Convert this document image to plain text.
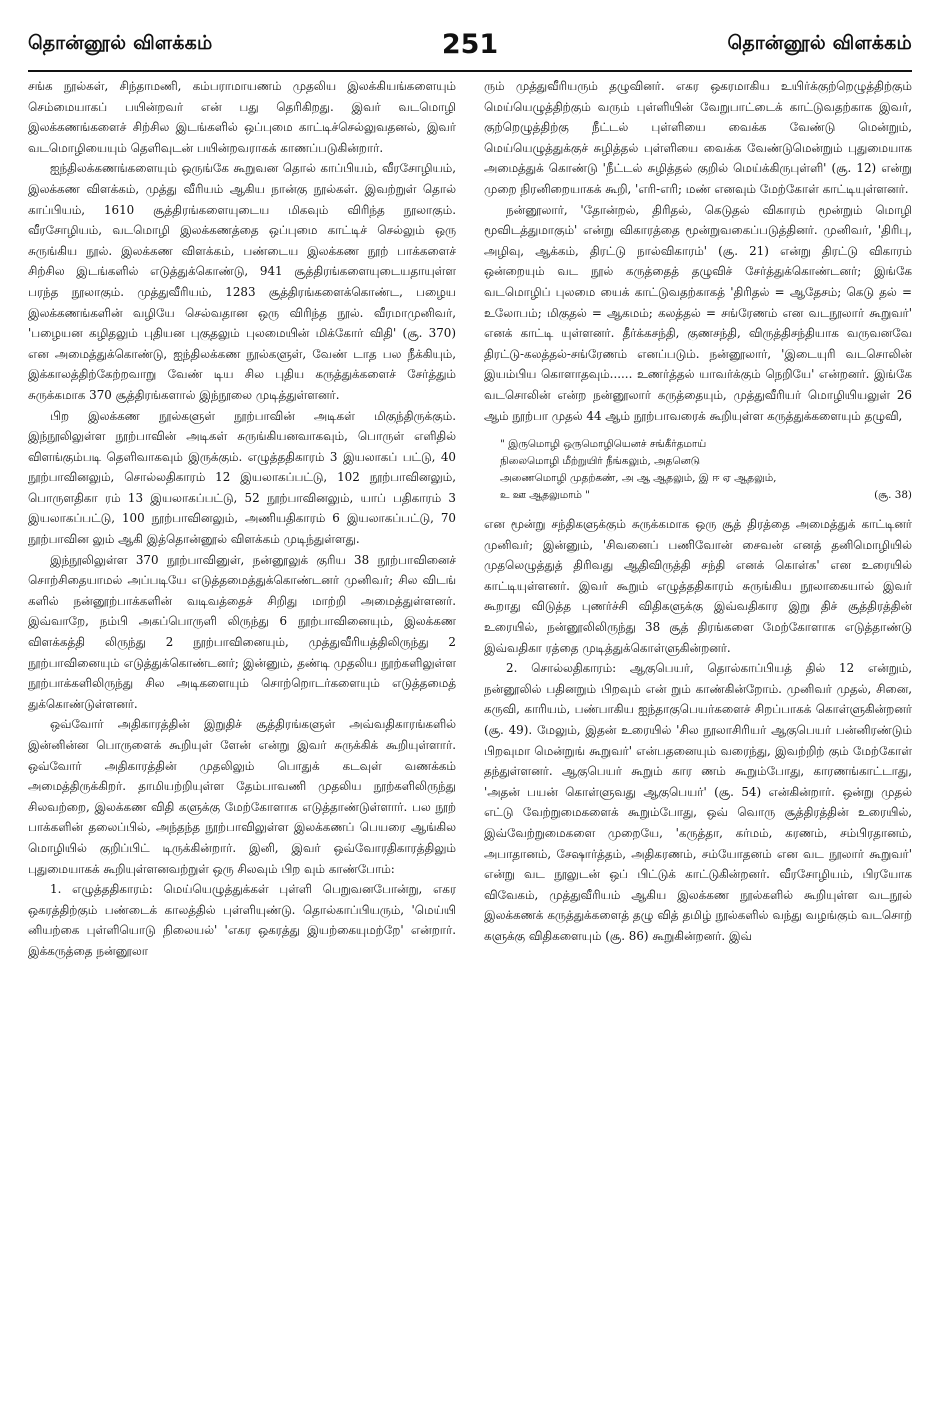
தொன்னூல் விளக்கம்	251	தொன்னூல் விளக்கம்

சங்க நூல்கள், சிந்தாமணி, கம்பராமாயணம் முதலிய இலக்கியங்களையும் செம்மையாகப் பயின்றவர் என் பது தெரிகிறது. இவர் வடமொழி இலக்கணங்களைச் சிற்சில இடங்களில் ஒப்புமை காட்டிச்செல்லுவதனல், இவர் வடமொழியையும் தெளிவுடன் பயின்றவராகக் காணப்படுகின்றார்.

ஐந்திலக்கணங்களையும் ஒருங்கே கூறுவன தொல் காப்பியம், வீரசோழியம், இலக்கண விளக்கம், முத்து வீரியம் ஆகிய நான்கு நூல்கள். இவற்றுள் தொல் காப்பியம், 1610 சூத்திரங்களையுடைய மிகவும் விரிந்த நூலாகும். வீரசோழியம், வடமொழி இலக்கணத்தை ஒப்புமை காட்டிச் செல்லும் ஒரு சுருங்கிய நூல். இலக்கண விளக்கம், பண்டைய இலக்கண நூற் பாக்களைச் சிற்சில இடங்களில் எடுத்துக்கொண்டு, 941 சூத்திரங்களையுடையதாயுள்ள பரந்த நூலாகும். முத்துவீரியம், 1283 சூத்திரங்களைக்கொண்ட, பழைய இலக்கணங்களின் வழியே செல்வதான ஒரு விரிந்த நூல். வீரமாமுனிவர், 'பழையன கழிதலும் புதியன புகுதலும் புலமையின் மிக்கோர் விதி' (சூ. 370) என அமைத்துக்கொண்டு, ஐந்திலக்கண நூல்களுள், வேண் டாத பல நீக்கியும், இக்காலத்திற்கேற்றவாறு வேண் டிய சில புதிய கருத்துக்களைச் சேர்த்தும் சுருக்கமாக 370 சூத்திரங்களால் இந்நூலை முடித்துள்ளனர்.

பிற இலக்கண நூல்களுள் நூற்பாவின் அடிகள் மிகுந்திருக்கும். இந்நூலிலுள்ள நூற்பாவின் அடிகள் சுருங்கியனவாகவும், பொருள் எளிதில் விளங்கும்படி தெளிவாகவும் இருக்கும். எழுத்ததிகாரம் 3 இயலாகப் பட்டு, 40 நூற்பாவினலும், சொல்லதிகாரம் 12 இயலாகப்பட்டு, 102 நூற்பாவினலும், பொருளதிகா ரம் 13 இயலாகப்பட்டு, 52 நூற்பாவினலும், யாப் பதிகாரம் 3 இயலாகப்பட்டு, 100 நூற்பாவினலும், அணியதிகாரம் 6 இயலாகப்பட்டு, 70 நூற்பாவின லும் ஆகி இத்தொன்னூல் விளக்கம் முடிந்துள்ளது.

இந்நூலிலுள்ள 370 நூற்பாவினுள், நன்னூலுக் குரிய 38 நூற்பாவினைச் சொற்சிதையாமல் அப்படியே எடுத்தமைத்துக்கொண்டனர் முனிவர்; சில விடங் களில் நன்னூற்பாக்களின் வடிவத்தைச் சிறிது மாற்றி அமைத்துள்ளனர். இவ்வாறே, நம்பி அகப்பொருளி லிருந்து 6 நூற்பாவினையும், இலக்கண விளக்கத்தி லிருந்து 2 நூற்பாவினையும், முத்துவீரியத்திலிருந்து 2 நூற்பாவினையும் எடுத்துக்கொண்டனர்; இன்னும், தண்டி முதலிய நூற்களிலுள்ள நூற்பாக்களிலிருந்து சில அடிகளையும் சொற்றொடர்களையும் எடுத்தமைத் துக்கொண்டுள்ளனர்.

ஒவ்வோர் அதிகாரத்தின் இறுதிச் சூத்திரங்களுள் அவ்வதிகாரங்களில் இன்னின்ன பொருளைக் கூறியுள் ளேன் என்று இவர் சுருக்கிக் கூறியுள்ளார். ஒவ்வோர் அதிகாரத்தின் முதலிலும் பொதுக் கடவுள் வணக்கம் அமைத்திருக்கிறர். தாமியற்றியுள்ள தேம்பாவணி முதலிய நூற்களிலிருந்து சிலவற்றை, இலக்கண விதி களுக்கு மேற்கோளாக எடுத்தாண்டுள்ளார். பல நூற் பாக்களின் தலைப்பில், அந்தந்த நூற்பாவிலுள்ள இலக்கணப் பெயரை ஆங்கில மொழியில் குறிப்பிட் டிருக்கின்றார். இனி, இவர் ஒவ்வோரதிகாரத்திலும் புதுமையாகக் கூறியுள்ளனவற்றுள் ஒரு சிலவும் பிற வும் காண்போம்:

1. எழுத்ததிகாரம்: மெய்யெழுத்துக்கள் புள்ளி பெறுவனபோன்று, எகர ஒகரத்திற்கும் பண்டைக் காலத்தில் புள்ளியுண்டு. தொல்காப்பியரும், 'மெய்யி னியற்கை புள்ளியொடு நிலையல்' 'எகர ஒகரத்து இயற்கையுமற்றே' என்றார். இக்கருத்தை நன்னூலா

ரும் முத்துவீரியரும் தழுவினர். எகர ஒகரமாகிய உயிர்க்குற்றெழுத்திற்கும் மெய்யெழுத்திற்கும் வரும் புள்ளியின் வேறுபாட்டைக் காட்டுவதற்காக இவர், குற்றெழுத்திற்கு நீட்டல் புள்ளியை வைக்க வேண்டு மென்றும், மெய்யெழுத்துக்குச் சுழித்தல் புள்ளியை வைக்க வேண்டுமென்றும் புதுமையாக அமைத்துக் கொண்டு 'நீட்டல் சுழித்தல் குறில் மெய்க்கிருபுள்ளி' (சூ. 12) என்று முறை நிரனிறையாகக் கூறி, 'எரி-எரி; மண் எனவும் மேற்கோள் காட்டியுள்ளனர்.

நன்னூலார், 'தோன்றல், திரிதல், கெடுதல் விகாரம் மூன்றும் மொழி மூவிடத்துமாகும்' என்று விகாரத்தை மூன்றுவகைப்படுத்தினர். முனிவர், 'திரிபு, அழிவு, ஆக்கம், திரட்டு நால்விகாரம்' (சூ. 21) என்று திரட்டு விகாரம் ஒன்றையும் வட நூல் கருத்தைத் தழுவிச் சேர்த்துக்கொண்டனர்; இங்கே வடமொழிப் புலமை யைக் காட்டுவதற்காகத் 'திரிதல் = ஆதேசம்; கெடு தல் = உலோபம்; மிகுதல் = ஆகமம்; கலத்தல் = சங்ரேணம் என வடநூலார் கூறுவர்' எனக் காட்டி யுள்ளனர். தீர்க்கசந்தி, குணசந்தி, விருத்திசந்தியாக வருவனவே திரட்டு-கலத்தல்-சங்ரேணம் எனப்படும். நன்னூலார், 'இடையுரி வடசொலின் இயம்பிய கொளாதவும்...... உணர்த்தல் யாவர்க்கும் நெறியே' என்றனர். இங்கே வடசொலின் என்ற நன்னூலார் கருத்தையும், முத்துவீரியர் மொழியியலுள் 26 ஆம் நூற்பா முதல் 44 ஆம் நூற்பாவரைக் கூறியுள்ள கருத்துக்களையும் தழுவி,

" இருமொழி ஒருமொழியெனச் சங்கீர்தமாய்
நிலைமொழி மீற்றுயிர் நீங்கலும், அதனெடு
அணைமொழி முதற்கண், அ ஆ ஆதலும், இ ஈ ஏ ஆதலும்,
உ ஊ ஆதலுமாம் "	(சூ. 38)

என மூன்று சந்திகளுக்கும் சுருக்கமாக ஒரு சூத் திரத்தை அமைத்துக் காட்டினர் முனிவர்; இன்னும், 'சிவனைப் பணிவோன் சைவன் எனத் தனிமொழியில் முதலெழுத்துத் திரிவது ஆதிவிருத்தி சந்தி எனக் கொள்க' என உரையில் காட்டியுள்ளனர். இவர் கூறும் எழுத்ததிகாரம் சுருங்கிய நூலாகையால் இவர் கூறாது விடுத்த புணர்ச்சி விதிகளுக்கு இவ்வதிகார இறு திச் சூத்திரத்தின் உரையில், நன்னூலிலிருந்து 38 சூத் திரங்களை மேற்கோளாக எடுத்தாண்டு இவ்வதிகா ரத்தை முடித்துக்கொள்ளுகின்றனர்.

2. சொல்லதிகாரம்: ஆகுபெயர், தொல்காப்பியத் தில் 12 என்றும், நன்னூலில் பதினறும் பிறவும் என் றும் காண்கின்றோம். முனிவர் முதல், சினை, கருவி, காரியம், பண்பாகிய ஐந்தாகுபெயர்களைச் சிறப்பாகக் கொள்ளுகின்றனர் (சூ. 49). மேலும், இதன் உரையில் 'சில நூலாசிரியர் ஆகுபெயர் பன்னிரண்டும் பிறவுமா மென்றுங் கூறுவர்' என்பதனையும் வரைந்து, இவற்றிற் கும் மேற்கோள் தந்துள்ளனர். ஆகுபெயர் கூறும் கார ணம் கூறும்போது, காரணங்காட்டாது, 'அதன் பயன் கொள்ளுவது ஆகுபெயர்' (சூ. 54) என்கின்றார். ஒன்று முதல் எட்டு வேற்றுமைகளைக் கூறும்போது, ஒவ் வொரு சூத்திரத்தின் உரையில், இவ்வேற்றுமைகளை முறையே, 'கருத்தா, கர்மம், கரணம், சம்பிரதானம், அபாதானம், சேஷார்த்தம், அதிகரணம், சம்யோதனம் என வட நூலார் கூறுவர்' என்று வட நூலுடன் ஒப் பிட்டுக் காட்டுகின்றனர். வீரசோழியம், பிரயோக விவேகம், முத்துவீரியம் ஆகிய இலக்கண நூல்களில் கூறியுள்ள வடநூல் இலக்கணக் கருத்துக்களைத் தழு வித் தமிழ் நூல்களில் வந்து வழங்கும் வடசொற் களுக்கு விதிகளையும் (சூ. 86) கூறுகின்றனர். இவ்
